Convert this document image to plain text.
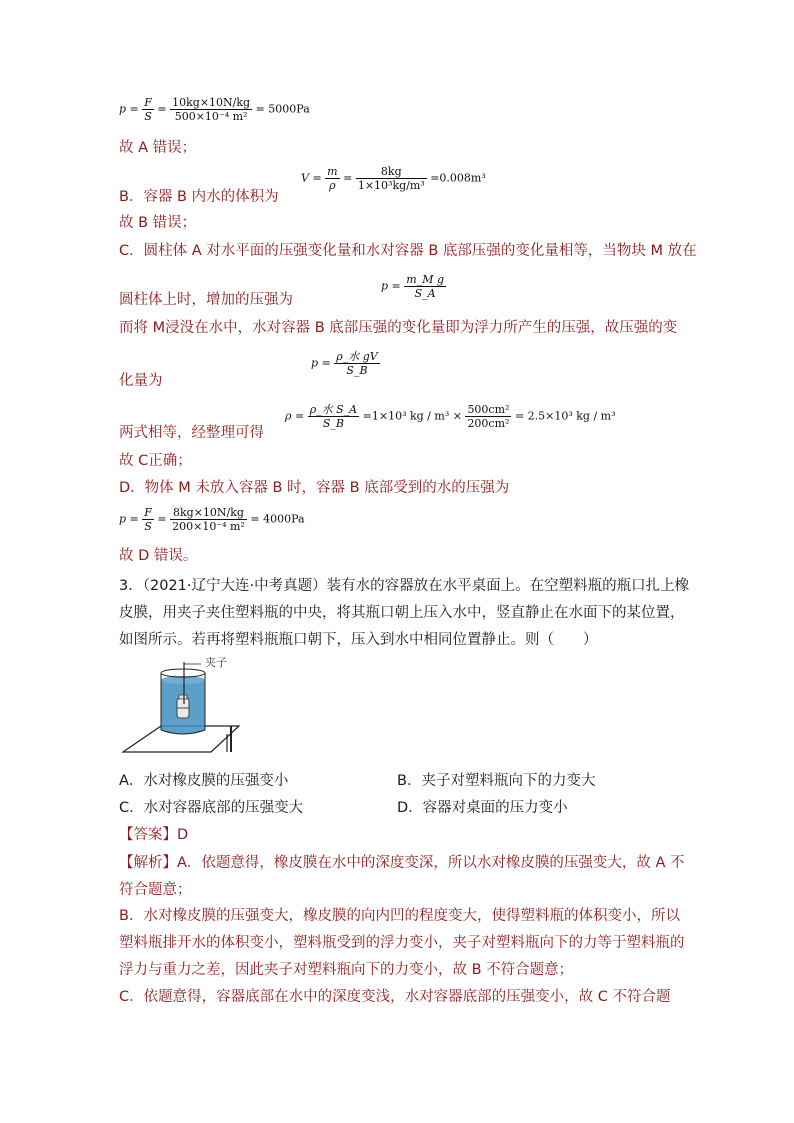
$p = \frac{F}{S} = \frac{10kg\times 10N/kg}{\text{500×10⁻⁴ m²}} = 5000Pa$
故 A 错误；
$V = \frac{m}{\rho} = \frac{8kg}{\text{1×10³kg/m³}} =0.008m^3$
B．容器 B 内水的体积为
故 B 错误；
C．圆柱体 A 对水平面的压强变化量和水对容器 B 底部压强的变化量相等，当物块 M 放在
$p = \frac{\text{m\_M g}}{S\_A}$
圆柱体上时，增加的压强为
而将 M浸没在水中，水对容器 B 底部压强的变化量即为浮力所产生的压强，故压强的变
$p = \frac{\text{ρ\_水 gV}}{S\_B}$
化量为
$\rho = \frac{\text{ρ\_水 S\_A}}{S\_B} =1\times 10^3$ kg / $m^3 \times \frac{\text{500cm²}}{\text{200cm²}} = 2.5\times 10^3$ kg / m³
两式相等，经整理可得
故 C正确；
D．物体 M 未放入容器 B 时，容器 B 底部受到的水的压强为
$p = \frac{F}{S} = \frac{8kg\times 10N/kg}{\text{200×10⁻⁴ m²}} = 4000Pa$
故 D 错误。
3．（2021·辽宁大连·中考真题）装有水的容器放在水平桌面上。在空塑料瓶的瓶口扎上橡
皮膜，用夹子夹住塑料瓶的中央，将其瓶口朝上压入水中，竖直静止在水面下的某位置，
如图所示。若再将塑料瓶瓶口朝下，压入到水中相同位置静止。则（　　）
夹子
A．水对橡皮膜的压强变小	B．夹子对塑料瓶向下的力变大
C．水对容器底部的压强变大	D．容器对桌面的压力变小
【答案】D
【解析】A．依题意得，橡皮膜在水中的深度变深，所以水对橡皮膜的压强变大，故 A 不
符合题意；
B．水对橡皮膜的压强变大，橡皮膜的向内凹的程度变大，使得塑料瓶的体积变小，所以
塑料瓶排开水的体积变小，塑料瓶受到的浮力变小，夹子对塑料瓶向下的力等于塑料瓶的
浮力与重力之差，因此夹子对塑料瓶向下的力变小，故 B 不符合题意；
C．依题意得，容器底部在水中的深度变浅，水对容器底部的压强变小，故 C 不符合题
